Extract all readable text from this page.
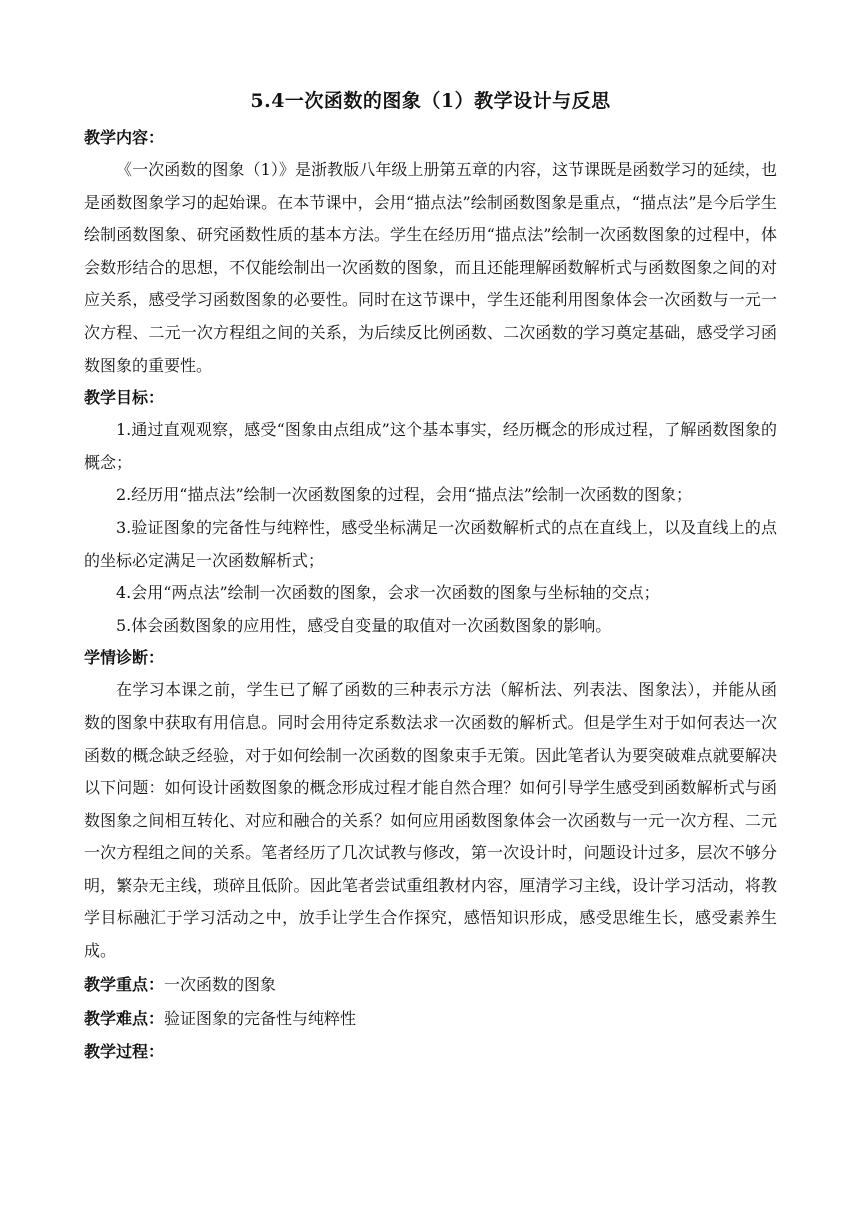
5.4一次函数的图象（1）教学设计与反思

教学内容：

《一次函数的图象（1）》是浙教版八年级上册第五章的内容，这节课既是函数学习的延续，也是函数图象学习的起始课。在本节课中，会用“描点法”绘制函数图象是重点，“描点法”是今后学生绘制函数图象、研究函数性质的基本方法。学生在经历用“描点法”绘制一次函数图象的过程中，体会数形结合的思想，不仅能绘制出一次函数的图象，而且还能理解函数解析式与函数图象之间的对应关系，感受学习函数图象的必要性。同时在这节课中，学生还能利用图象体会一次函数与一元一次方程、二元一次方程组之间的关系，为后续反比例函数、二次函数的学习奠定基础，感受学习函数图象的重要性。

教学目标：

1.通过直观观察，感受“图象由点组成”这个基本事实，经历概念的形成过程，了解函数图象的概念；

2.经历用“描点法”绘制一次函数图象的过程，会用“描点法”绘制一次函数的图象；

3.验证图象的完备性与纯粹性，感受坐标满足一次函数解析式的点在直线上，以及直线上的点的坐标必定满足一次函数解析式；

4.会用“两点法”绘制一次函数的图象，会求一次函数的图象与坐标轴的交点；

5.体会函数图象的应用性，感受自变量的取值对一次函数图象的影响。

学情诊断：

在学习本课之前，学生已了解了函数的三种表示方法（解析法、列表法、图象法），并能从函数的图象中获取有用信息。同时会用待定系数法求一次函数的解析式。但是学生对于如何表达一次函数的概念缺乏经验，对于如何绘制一次函数的图象束手无策。因此笔者认为要突破难点就要解决以下问题：如何设计函数图象的概念形成过程才能自然合理？如何引导学生感受到函数解析式与函数图象之间相互转化、对应和融合的关系？如何应用函数图象体会一次函数与一元一次方程、二元一次方程组之间的关系。笔者经历了几次试教与修改，第一次设计时，问题设计过多，层次不够分明，繁杂无主线，琐碎且低阶。因此笔者尝试重组教材内容，厘清学习主线，设计学习活动，将教学目标融汇于学习活动之中，放手让学生合作探究，感悟知识形成，感受思维生长，感受素养生成。

教学重点：一次函数的图象

教学难点：验证图象的完备性与纯粹性

教学过程：
